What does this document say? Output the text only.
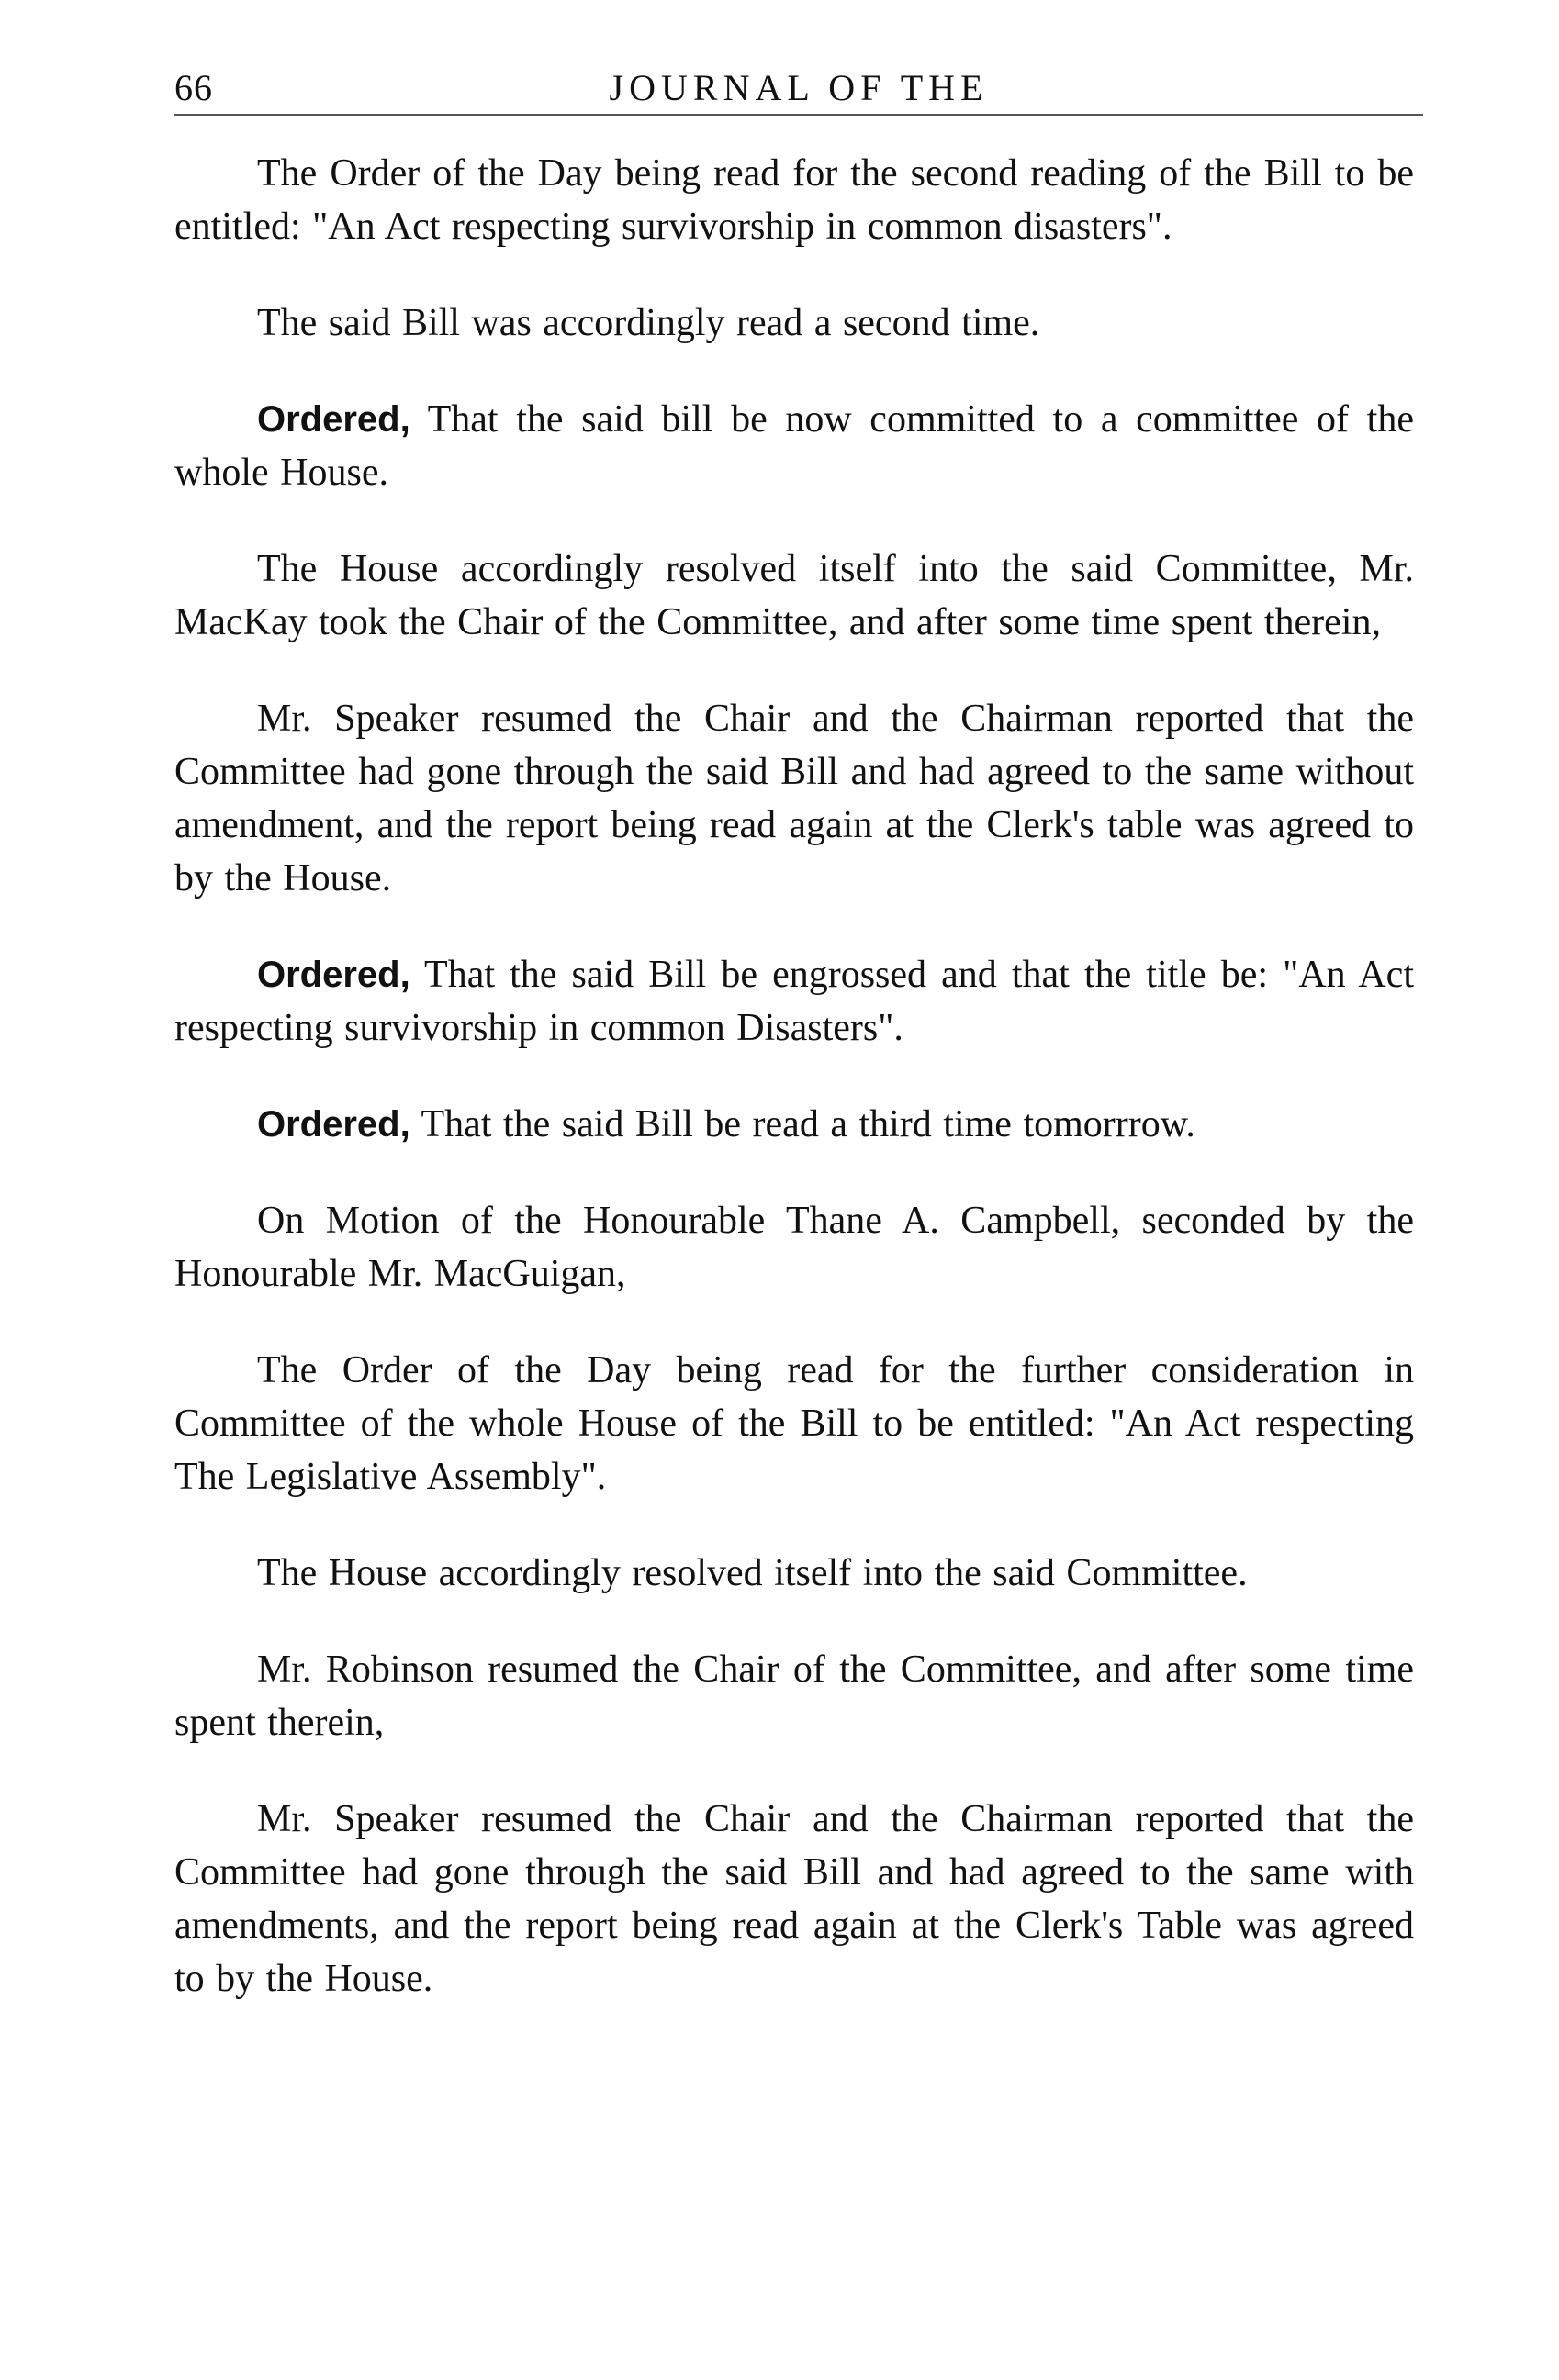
66	JOURNAL OF THE

The Order of the Day being read for the second reading of the Bill to be entitled: "An Act respecting survivorship in common disasters".

The said Bill was accordingly read a second time.

Ordered, That the said bill be now committed to a committee of the whole House.

The House accordingly resolved itself into the said Committee, Mr. MacKay took the Chair of the Committee, and after some time spent therein,

Mr. Speaker resumed the Chair and the Chairman reported that the Committee had gone through the said Bill and had agreed to the same without amendment, and the report being read again at the Clerk's table was agreed to by the House.

Ordered, That the said Bill be engrossed and that the title be: "An Act respecting survivorship in common Disasters".

Ordered, That the said Bill be read a third time tomorrrow.

On Motion of the Honourable Thane A. Campbell, seconded by the Honourable Mr. MacGuigan,

The Order of the Day being read for the further consideration in Committee of the whole House of the Bill to be entitled: "An Act respecting The Legislative Assembly".

The House accordingly resolved itself into the said Committee.

Mr. Robinson resumed the Chair of the Committee, and after some time spent therein,

Mr. Speaker resumed the Chair and the Chairman reported that the Committee had gone through the said Bill and had agreed to the same with amendments, and the report being read again at the Clerk's Table was agreed to by the House.
